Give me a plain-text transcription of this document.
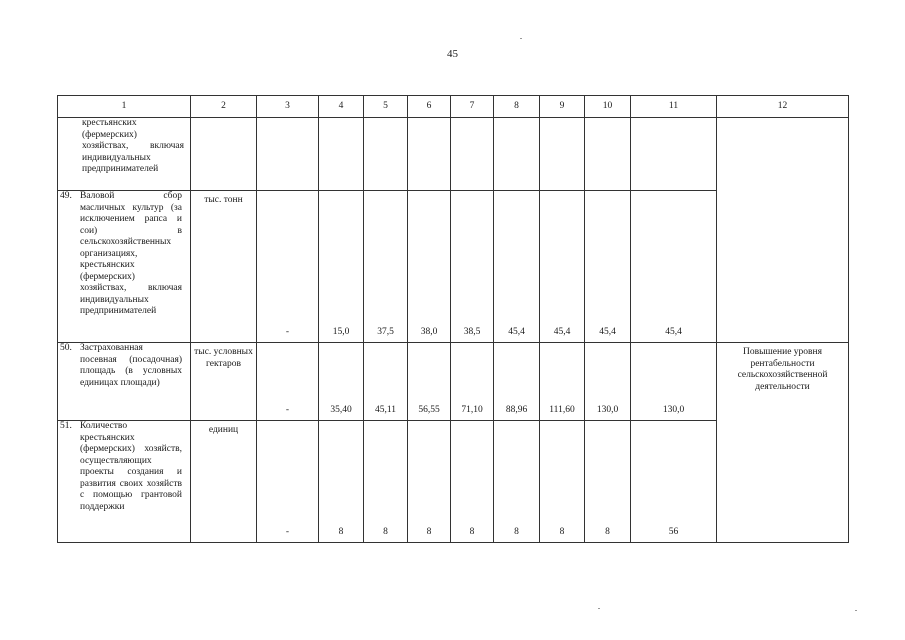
45
1	2	3	4	5	6	7	8	9	10	11	12
крестьянских (фермерских) хозяйствах, включая индивидуальных предпринимателей											
49. Валовой сбор масличных культур (за исключением рапса и сои) в сельскохозяйственных организациях, крестьянских (фермерских) хозяйствах, включая индивидуальных предпринимателей	тыс. тонн	-	15,0	37,5	38,0	38,5	45,4	45,4	45,4	45,4	
50. Застрахованная посевная (посадочная) площадь (в условных единицах площади)	тыс. условных гектаров	-	35,40	45,11	56,55	71,10	88,96	111,60	130,0	130,0	Повышение уровня рентабельности сельскохозяйственной деятельности
51. Количество крестьянских (фермерских) хозяйств, осуществляющих проекты создания и развития своих хозяйств с помощью грантовой поддержки	единиц	-	8	8	8	8	8	8	8	56	
